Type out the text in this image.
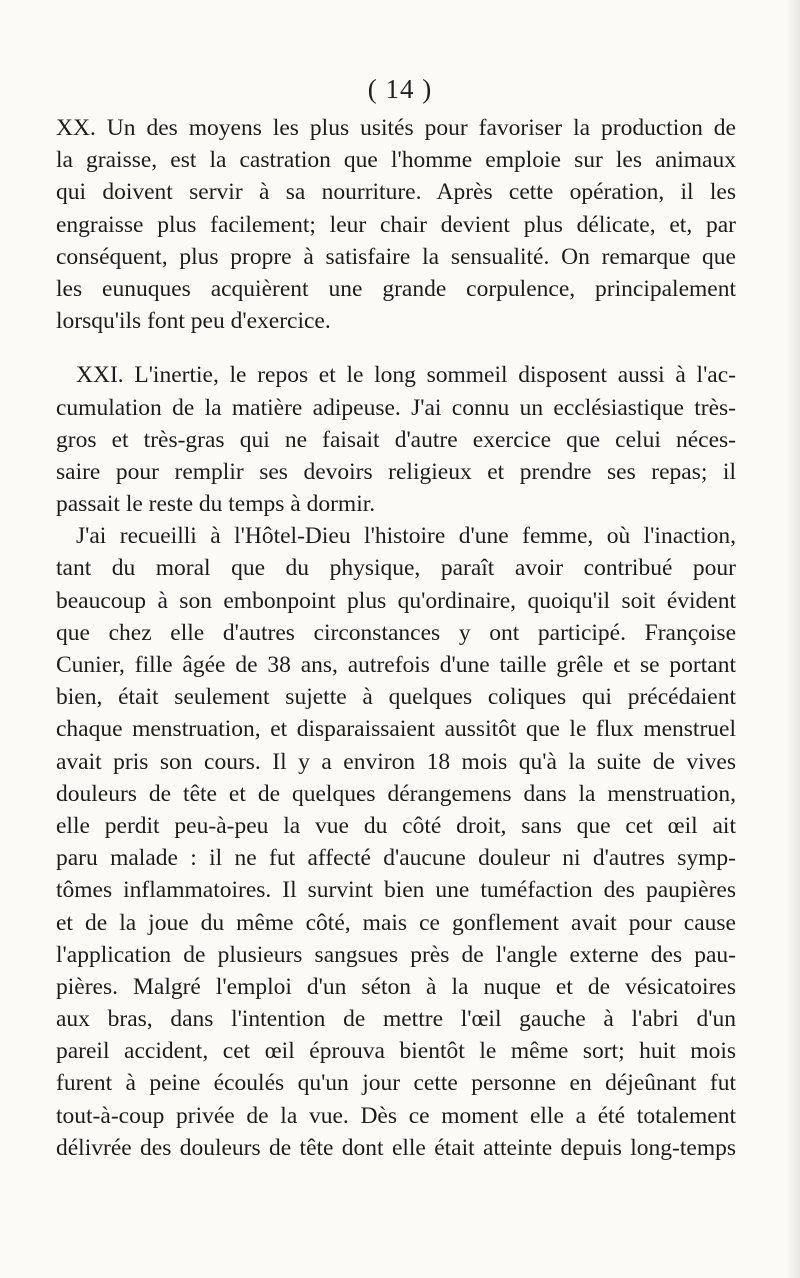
( 14 )
XX. Un des moyens les plus usités pour favoriser la production de
la graisse, est la castration que l'homme emploie sur les animaux
qui doivent servir à sa nourriture. Après cette opération, il les
engraisse plus facilement; leur chair devient plus délicate, et, par
conséquent, plus propre à satisfaire la sensualité. On remarque que
les eunuques acquièrent une grande corpulence, principalement
lorsqu'ils font peu d'exercice.
XXI. L'inertie, le repos et le long sommeil disposent aussi à l'ac-
cumulation de la matière adipeuse. J'ai connu un ecclésiastique très-
gros et très-gras qui ne faisait d'autre exercice que celui néces-
saire pour remplir ses devoirs religieux et prendre ses repas; il
passait le reste du temps à dormir.
J'ai recueilli à l'Hôtel-Dieu l'histoire d'une femme, où l'inaction,
tant du moral que du physique, paraît avoir contribué pour
beaucoup à son embonpoint plus qu'ordinaire, quoiqu'il soit évident
que chez elle d'autres circonstances y ont participé. Françoise
Cunier, fille âgée de 38 ans, autrefois d'une taille grêle et se portant
bien, était seulement sujette à quelques coliques qui précédaient
chaque menstruation, et disparaissaient aussitôt que le flux menstruel
avait pris son cours. Il y a environ 18 mois qu'à la suite de vives
douleurs de tête et de quelques dérangemens dans la menstruation,
elle perdit peu-à-peu la vue du côté droit, sans que cet œil ait
paru malade : il ne fut affecté d'aucune douleur ni d'autres symp-
tômes inflammatoires. Il survint bien une tuméfaction des paupières
et de la joue du même côté, mais ce gonflement avait pour cause
l'application de plusieurs sangsues près de l'angle externe des pau-
pières. Malgré l'emploi d'un séton à la nuque et de vésicatoires
aux bras, dans l'intention de mettre l'œil gauche à l'abri d'un
pareil accident, cet œil éprouva bientôt le même sort; huit mois
furent à peine écoulés qu'un jour cette personne en déjeûnant fut
tout-à-coup privée de la vue. Dès ce moment elle a été totalement
délivrée des douleurs de tête dont elle était atteinte depuis long-temps
